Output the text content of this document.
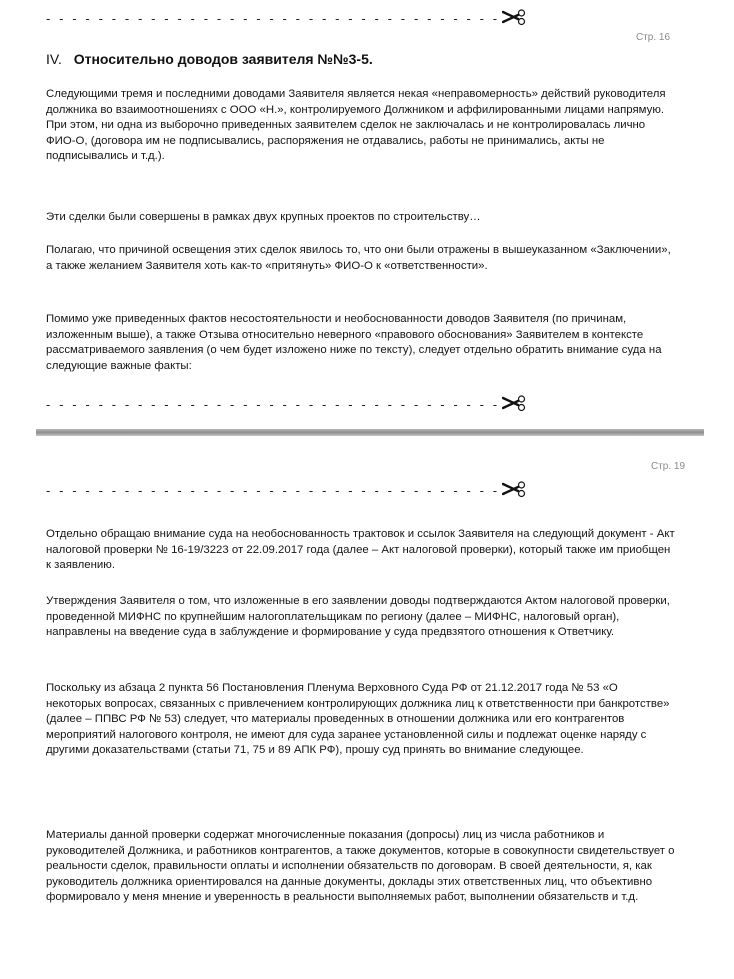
- - - - - - - - - - - - - - - - - - - - - - - - - - - - - - - - - - -
Стр. 16
IV. Относительно доводов заявителя №№3-5.

Следующими тремя и последними доводами Заявителя является некая «неправомерность» действий руководителя должника во взаимоотношениях с ООО «Н.», контролируемого Должником и аффилированными лицами напрямую. При этом, ни одна из выборочно приведенных заявителем сделок не заключалась и не контролировалась лично ФИО-О, (договора им не подписывались, распоряжения не отдавались, работы не принимались, акты не подписывались и т.д.).

Эти сделки были совершены в рамках двух крупных проектов по строительству…

Полагаю, что причиной освещения этих сделок явилось то, что они были отражены в вышеуказанном «Заключении», а также желанием Заявителя хоть как-то «притянуть» ФИО-О к «ответственности».

Помимо уже приведенных фактов несостоятельности и необоснованности доводов Заявителя (по причинам, изложенным выше), а также Отзыва относительно неверного «правового обоснования» Заявителем в контексте рассматриваемого заявления (о чем будет изложено ниже по тексту), следует отдельно обратить внимание суда на следующие важные факты:

- - - - - - - - - - - - - - - - - - - - - - - - - - - - - - - - - - -
Стр. 19
- - - - - - - - - - - - - - - - - - - - - - - - - - - - - - - - - - -

Отдельно обращаю внимание суда на необоснованность трактовок и ссылок Заявителя на следующий документ - Акт налоговой проверки № 16-19/3223 от 22.09.2017 года (далее – Акт налоговой проверки), который также им приобщен к заявлению.

Утверждения Заявителя о том, что изложенные в его заявлении доводы подтверждаются Актом налоговой проверки, проведенной МИФНС по крупнейшим налогоплательщикам по региону (далее – МИФНС, налоговый орган), направлены на введение суда в заблуждение и формирование у суда предвзятого отношения к Ответчику.

Поскольку из абзаца 2 пункта 56 Постановления Пленума Верховного Суда РФ от 21.12.2017 года № 53 «О некоторых вопросах, связанных с привлечением контролирующих должника лиц к ответственности при банкротстве» (далее – ППВС РФ № 53) следует, что материалы проведенных в отношении должника или его контрагентов мероприятий налогового контроля, не имеют для суда заранее установленной силы и подлежат оценке наряду с другими доказательствами (статьи 71, 75 и 89 АПК РФ), прошу суд принять во внимание следующее.

Материалы данной проверки содержат многочисленные показания (допросы) лиц из числа работников и руководителей Должника, и работников контрагентов, а также документов, которые в совокупности свидетельствует о реальности сделок, правильности оплаты и исполнении обязательств по договорам. В своей деятельности, я, как руководитель должника ориентировался на данные документы, доклады этих ответственных лиц, что объективно формировало у меня мнение и уверенность в реальности выполняемых работ, выполнении обязательств и т.д.
